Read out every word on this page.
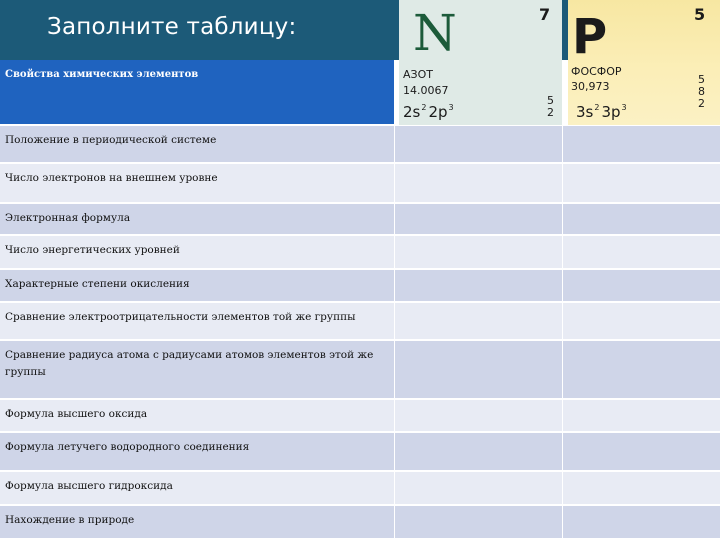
Заполните таблицу:
Свойства химических элементов
Положение в периодической системе
Число электронов на внешнем уровне
Электронная формула
Число энергетических уровней
Характерные степени окисления
Сравнение электроотрицательности элементов той же группы
Сравнение радиуса атома с радиусами атомов элементов этой же группы
Формула высшего оксида
Формула летучего водородного соединения
Формула высшего гидроксида
Нахождение в природе
N	7
АЗОТ
14.0067
$2s^2$ $2p^3$
5
2
P	5
ФОСФОР
30,973
$3s^2$ $3p^3$
5
8
2
